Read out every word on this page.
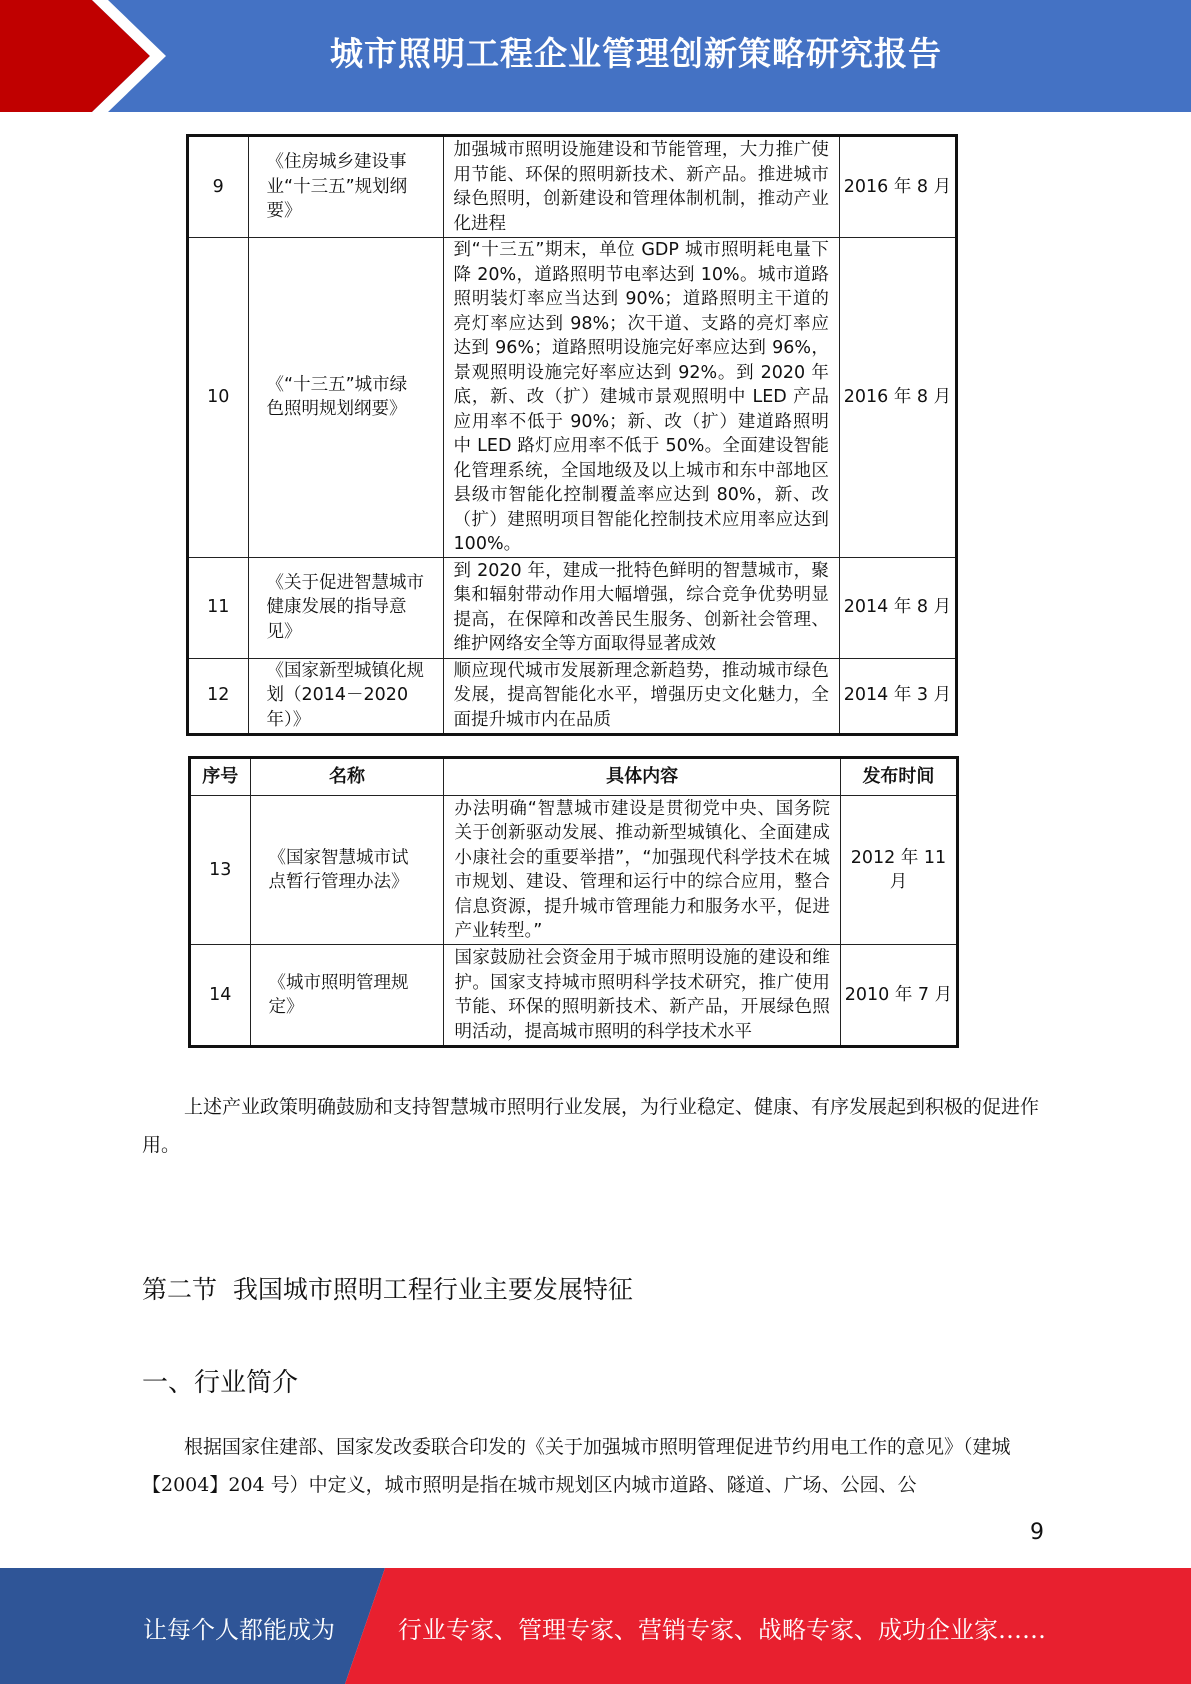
城市照明工程企业管理创新策略研究报告
9	《住房城乡建设事业“十三五”规划纲要》	加强城市照明设施建设和节能管理，大力推广使用节能、环保的照明新技术、新产品。推进城市绿色照明，创新建设和管理体制机制，推动产业化进程	2016 年 8 月
10	《“十三五”城市绿色照明规划纲要》	到“十三五”期末，单位 GDP 城市照明耗电量下降 20%，道路照明节电率达到 10%。城市道路照明装灯率应当达到 90%；道路照明主干道的亮灯率应达到 98%；次干道、支路的亮灯率应达到 96%；道路照明设施完好率应达到 96%，景观照明设施完好率应达到 92%。到 2020 年底，新、改（扩）建城市景观照明中 LED 产品应用率不低于 90%；新、改（扩）建道路照明中 LED 路灯应用率不低于 50%。全面建设智能化管理系统，全国地级及以上城市和东中部地区县级市智能化控制覆盖率应达到 80%，新、改（扩）建照明项目智能化控制技术应用率应达到 100%。	2016 年 8 月
11	《关于促进智慧城市健康发展的指导意见》	到 2020 年，建成一批特色鲜明的智慧城市，聚集和辐射带动作用大幅增强，综合竞争优势明显提高，在保障和改善民生服务、创新社会管理、维护网络安全等方面取得显著成效	2014 年 8 月
12	《国家新型城镇化规划（2014－2020 年）》	顺应现代城市发展新理念新趋势，推动城市绿色发展，提高智能化水平，增强历史文化魅力，全面提升城市内在品质	2014 年 3 月
序号	名称	具体内容	发布时间
13	《国家智慧城市试点暂行管理办法》	办法明确“智慧城市建设是贯彻党中央、国务院关于创新驱动发展、推动新型城镇化、全面建成小康社会的重要举措”，“加强现代科学技术在城市规划、建设、管理和运行中的综合应用，整合信息资源，提升城市管理能力和服务水平，促进产业转型。”	2012 年 11 月
14	《城市照明管理规定》	国家鼓励社会资金用于城市照明设施的建设和维护。国家支持城市照明科学技术研究，推广使用节能、环保的照明新技术、新产品，开展绿色照明活动，提高城市照明的科学技术水平	2010 年 7 月
上述产业政策明确鼓励和支持智慧城市照明行业发展，为行业稳定、健康、有序发展起到积极的促进作用。
第二节  我国城市照明工程行业主要发展特征
一、行业简介
根据国家住建部、国家发改委联合印发的《关于加强城市照明管理促进节约用电工作的意见》（建城【2004】204 号）中定义，城市照明是指在城市规划区内城市道路、隧道、广场、公园、公
9
让每个人都能成为	行业专家、管理专家、营销专家、战略专家、成功企业家……
